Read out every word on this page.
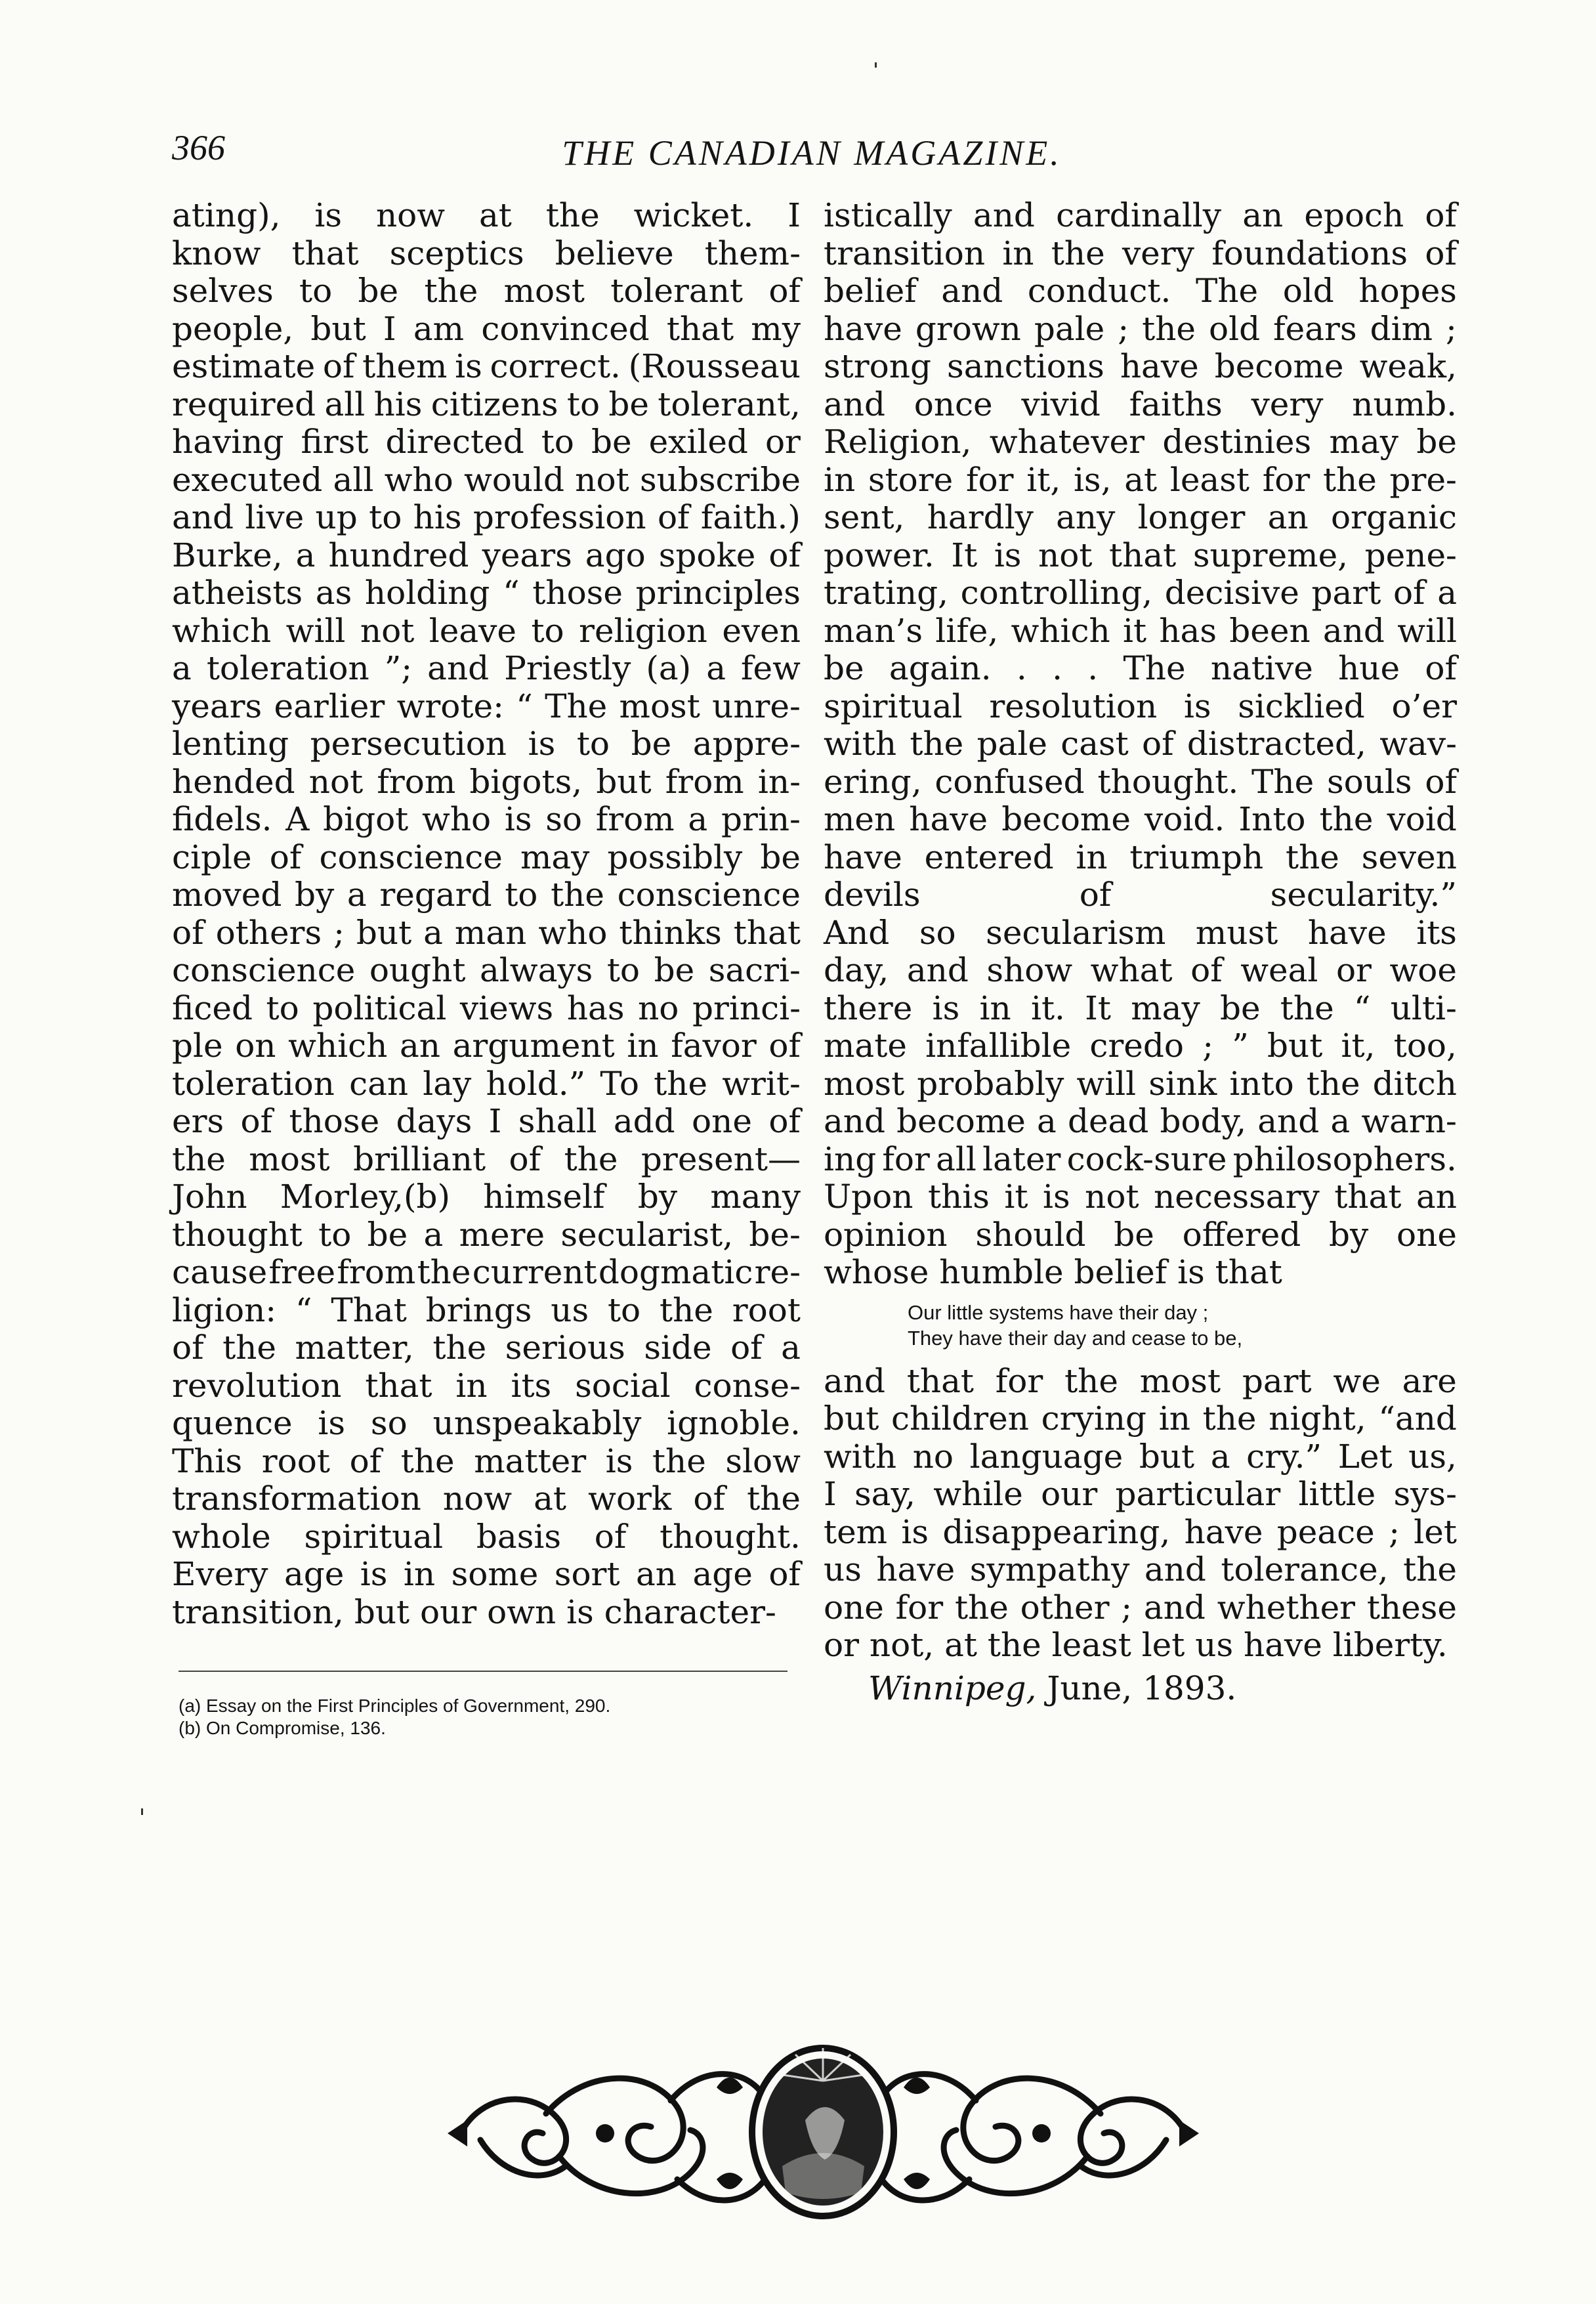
366	THE CANADIAN MAGAZINE.
ating), is now at the wicket. I
know that sceptics believe them-
selves to be the most tolerant of
people, but I am convinced that my
estimate of them is correct. (Rousseau
required all his citizens to be tolerant,
having first directed to be exiled or
executed all who would not subscribe
and live up to his profession of faith.)
Burke, a hundred years ago spoke of
atheists as holding “ those principles
which will not leave to religion even
a toleration ”; and Priestly (a) a few
years earlier wrote: “ The most unre-
lenting persecution is to be appre-
hended not from bigots, but from in-
fidels. A bigot who is so from a prin-
ciple of conscience may possibly be
moved by a regard to the conscience
of others ; but a man who thinks that
conscience ought always to be sacri-
ficed to political views has no princi-
ple on which an argument in favor of
toleration can lay hold.” To the writ-
ers of those days I shall add one of
the most brilliant of the present—
John Morley,(b) himself by many
thought to be a mere secularist, be-
cause free from the current dogmatic re-
ligion: “ That brings us to the root
of the matter, the serious side of a
revolution that in its social conse-
quence is so unspeakably ignoble.
This root of the matter is the slow
transformation now at work of the
whole spiritual basis of thought.
Every age is in some sort an age of
transition, but our own is character-
(a) Essay on the First Principles of Government, 290.
(b) On Compromise, 136.
istically and cardinally an epoch of
transition in the very foundations of
belief and conduct. The old hopes
have grown pale ; the old fears dim ;
strong sanctions have become weak,
and once vivid faiths very numb.
Religion, whatever destinies may be
in store for it, is, at least for the pre-
sent, hardly any longer an organic
power. It is not that supreme, pene-
trating, controlling, decisive part of a
man’s life, which it has been and will
be again. . . . The native hue of
spiritual resolution is sicklied o’er
with the pale cast of distracted, wav-
ering, confused thought. The souls of
men have become void. Into the void
have entered in triumph the seven
devils	of	secularity.”
And so secularism must have its
day, and show what of weal or woe
there is in it. It may be the “ ulti-
mate infallible credo ; ” but it, too,
most probably will sink into the ditch
and become a dead body, and a warn-
ing for all later cock-sure philosophers.
Upon this it is not necessary that an
opinion should be offered by one
whose humble belief is that
Our little systems have their day ;
They have their day and cease to be,
and that for the most part we are
but children crying in the night, “and
with no language but a cry.” Let us,
I say, while our particular little sys-
tem is disappearing, have peace ; let
us have sympathy and tolerance, the
one for the other ; and whether these
or not, at the least let us have liberty.
Winnipeg, June, 1893.
